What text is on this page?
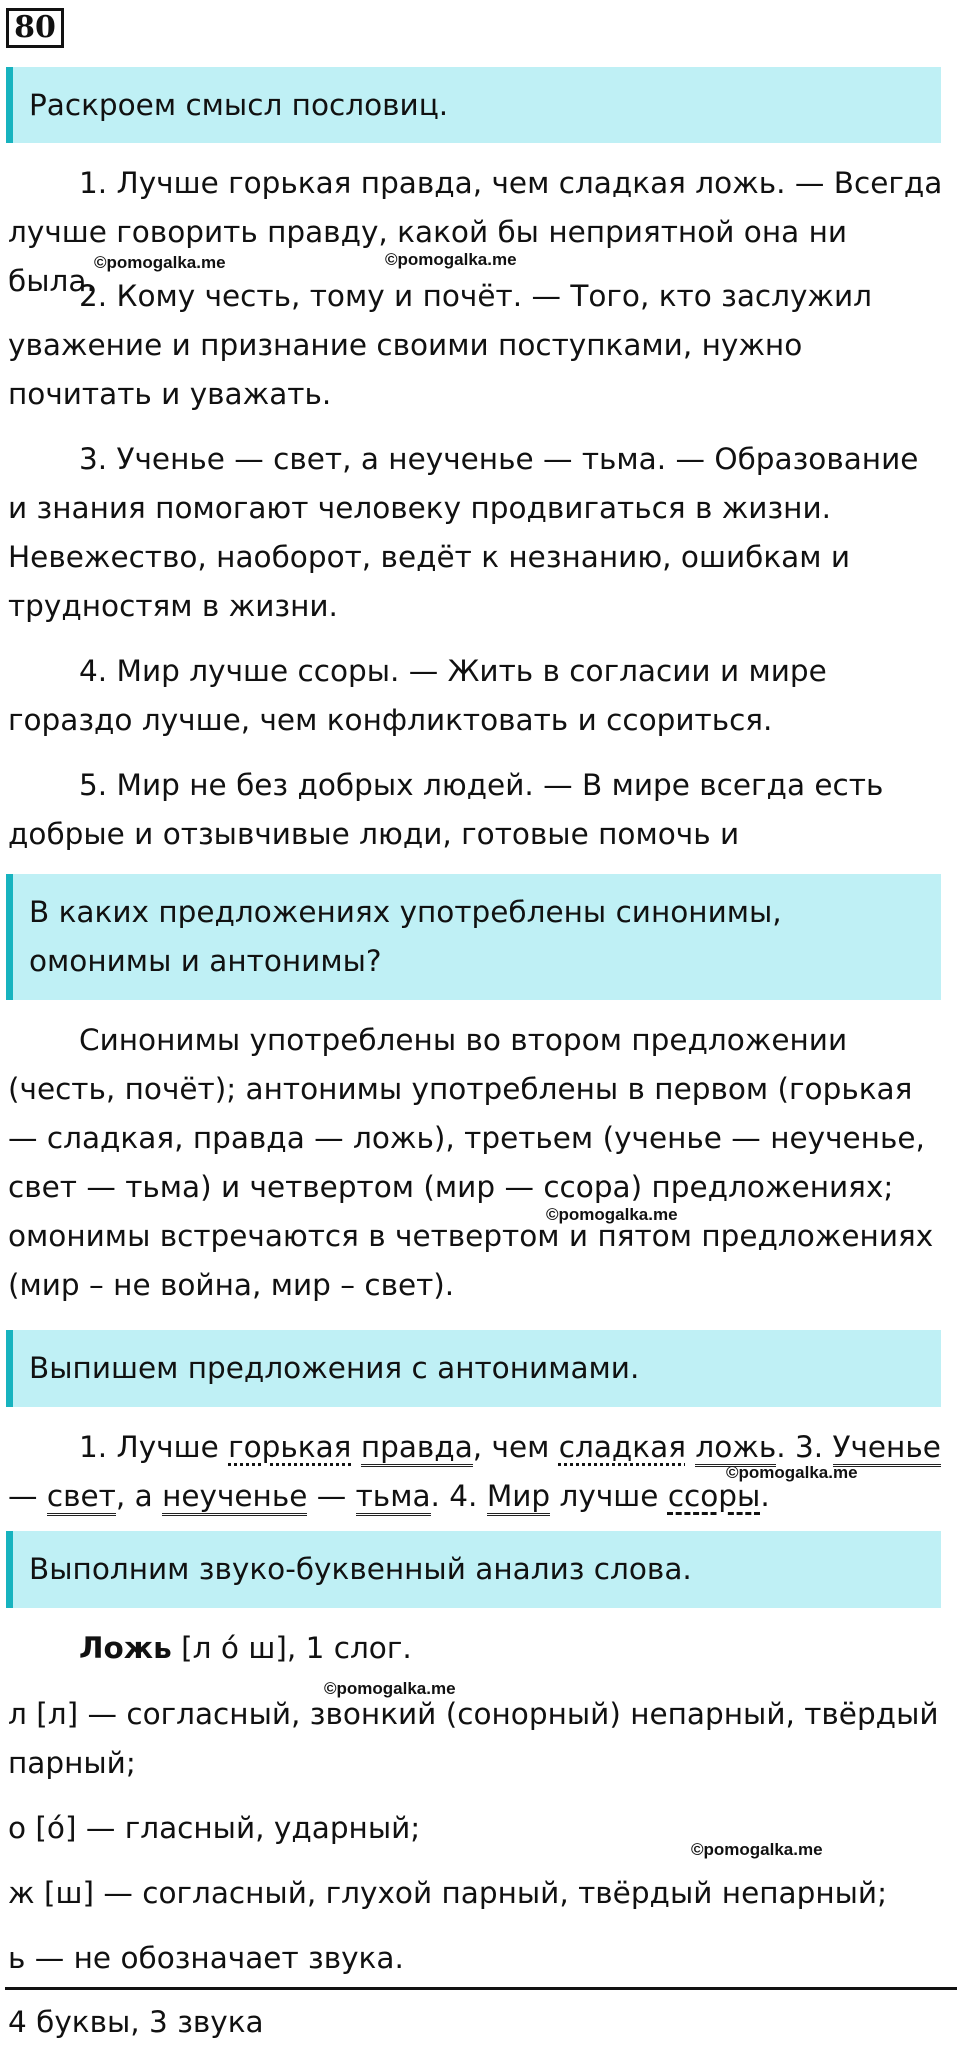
80
Раскроем смысл пословиц.
1. Лучше горькая правда, чем сладкая ложь. — Всегда лучше говорить правду, какой бы неприятной она ни была.
2. Кому честь, тому и почёт. — Того, кто заслужил уважение и признание своими поступками, нужно почитать и уважать.
3. Ученье — свет, а неученье — тьма. — Образование и знания помогают человеку продвигаться в жизни. Невежество, наоборот, ведёт к незнанию, ошибкам и трудностям в жизни.
4. Мир лучше ссоры. — Жить в согласии и мире гораздо лучше, чем конфликтовать и ссориться.
5. Мир не без добрых людей. — В мире всегда есть добрые и отзывчивые люди, готовые помочь и
В каких предложениях употреблены синонимы, омонимы и антонимы?
Синонимы употреблены во втором предложении (честь, почёт); антонимы употреблены в первом (горькая — сладкая, правда — ложь), третьем (ученье — неученье, свет — тьма) и четвертом (мир — ссора) предложениях; омонимы встречаются в четвертом и пятом предложениях (мир – не война, мир – свет).
Выпишем предложения с антонимами.
1. Лучше горькая правда, чем сладкая ложь. 3. Ученье — свет, а неученье — тьма. 4. Мир лучше ссоры.
Выполним звуко-буквенный анализ слова.
Ложь [л о́ ш], 1 слог.
л [л] — согласный, звонкий (сонорный) непарный, твёрдый парный;
о [о́] — гласный, ударный;
ж [ш] — согласный, глухой парный, твёрдый непарный;
ь — не обозначает звука.
4 буквы, 3 звука
©pomogalka.me	©pomogalka.me
©pomogalka.me
©pomogalka.me
©pomogalka.me
©pomogalka.me
